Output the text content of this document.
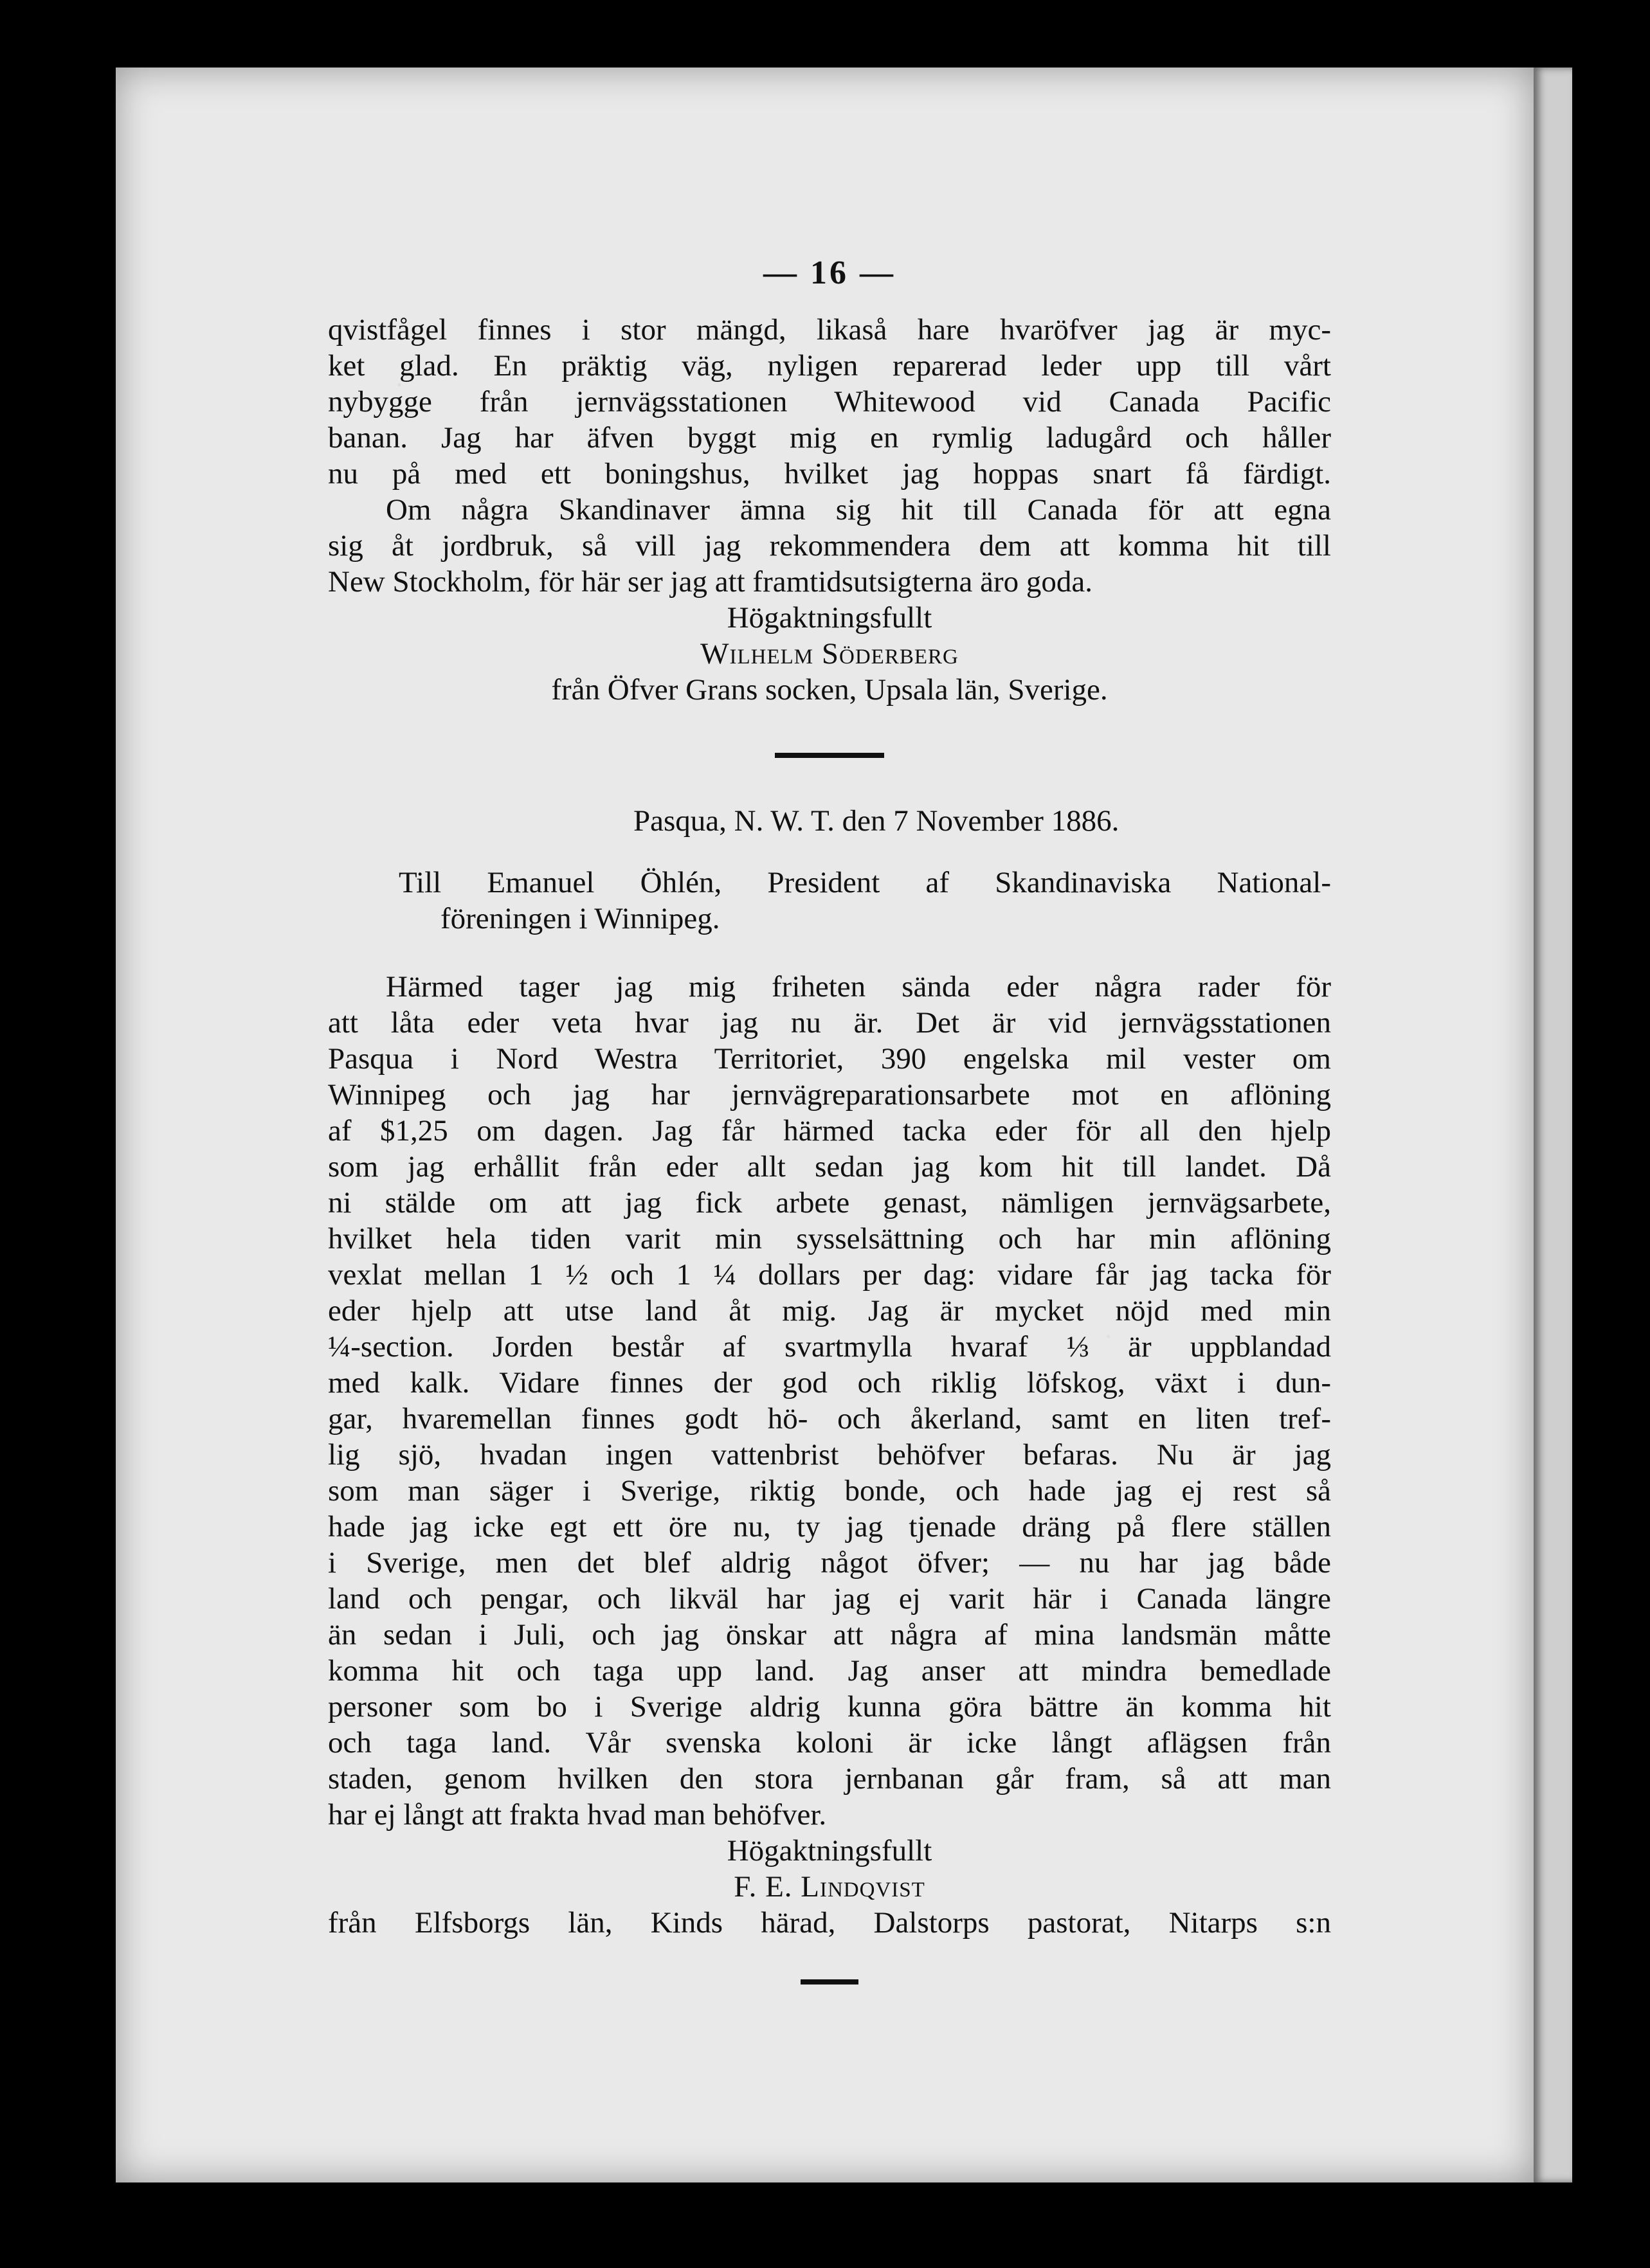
— 16 —
qvistfågel finnes i stor mängd, likaså hare hvaröfver jag är myc-
ket glad. En präktig väg, nyligen reparerad leder upp till vårt
nybygge från jernvägsstationen Whitewood vid Canada Pacific
banan. Jag har äfven byggt mig en rymlig ladugård och håller
nu på med ett boningshus, hvilket jag hoppas snart få färdigt.
Om några Skandinaver ämna sig hit till Canada för att egna
sig åt jordbruk, så vill jag rekommendera dem att komma hit till
New Stockholm, för här ser jag att framtidsutsigterna äro goda.
Högaktningsfullt
Wilhelm Söderberg
från Öfver Grans socken, Upsala län, Sverige.
Pasqua, N. W. T. den 7 November 1886.
Till Emanuel Öhlén, President af Skandinaviska National-
föreningen i Winnipeg.
Härmed tager jag mig friheten sända eder några rader för
att låta eder veta hvar jag nu är. Det är vid jernvägsstationen
Pasqua i Nord Westra Territoriet, 390 engelska mil vester om
Winnipeg och jag har jernvägreparationsarbete mot en aflöning
af $1,25 om dagen. Jag får härmed tacka eder för all den hjelp
som jag erhållit från eder allt sedan jag kom hit till landet. Då
ni stälde om att jag fick arbete genast, nämligen jernvägsarbete,
hvilket hela tiden varit min sysselsättning och har min aflöning
vexlat mellan 1 ½ och 1 ¼ dollars per dag: vidare får jag tacka för
eder hjelp att utse land åt mig. Jag är mycket nöjd med min
¼-section. Jorden består af svartmylla hvaraf ⅓ är uppblandad
med kalk. Vidare finnes der god och riklig löfskog, växt i dun-
gar, hvaremellan finnes godt hö- och åkerland, samt en liten tref-
lig sjö, hvadan ingen vattenbrist behöfver befaras. Nu är jag
som man säger i Sverige, riktig bonde, och hade jag ej rest så
hade jag icke egt ett öre nu, ty jag tjenade dräng på flere ställen
i Sverige, men det blef aldrig något öfver; — nu har jag både
land och pengar, och likväl har jag ej varit här i Canada längre
än sedan i Juli, och jag önskar att några af mina landsmän måtte
komma hit och taga upp land. Jag anser att mindra bemedlade
personer som bo i Sverige aldrig kunna göra bättre än komma hit
och taga land. Vår svenska koloni är icke långt aflägsen från
staden, genom hvilken den stora jernbanan går fram, så att man
har ej långt att frakta hvad man behöfver.
Högaktningsfullt
F. E. Lindqvist
från Elfsborgs län, Kinds härad, Dalstorps pastorat, Nitarps s:n
